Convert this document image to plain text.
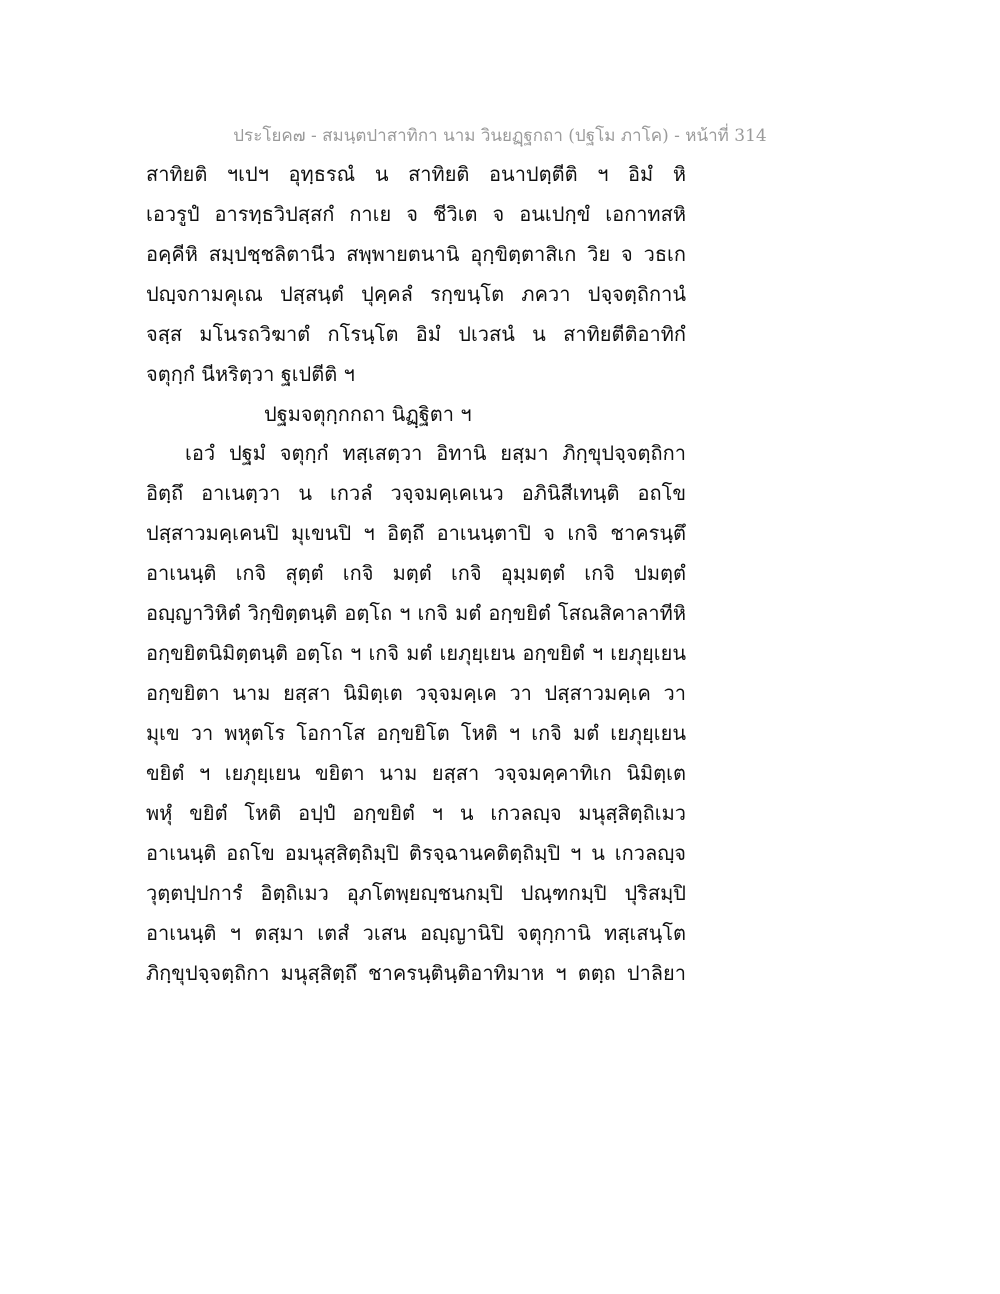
ประโยค๗ - สมนฺตปาสาทิกา นาม วินยฏฺฐกถา (ปฐโม ภาโค) - หน้าที่ 314
สาทิยติ ฯเปฯ อุทฺธรณํ น สาทิยติ อนาปตฺตีติ ฯ อิมํ หิ
เอวรูปํ อารทฺธวิปสฺสกํ กาเย จ ชีวิเต จ อนเปกฺขํ เอกาทสหิ
อคฺคีหิ สมฺปชฺชลิตานีว สพฺพายตนานิ อุกฺขิตฺตาสิเก วิย จ วธเก
ปญฺจกามคุเณ ปสฺสนฺตํ ปุคฺคลํ รกฺขนฺโต ภควา ปจฺจตฺถิกานํ
จสฺส มโนรถวิฆาตํ กโรนฺโต อิมํ ปเวสนํ น สาทิยตีติอาทิกํ
จตุกฺกํ นีหริตฺวา ฐเปตีติ ฯ
ปฐมจตุกฺกกถา นิฏฺฐิตา ฯ
เอวํ ปฐมํ จตุกฺกํ ทสฺเสตฺวา อิทานิ ยสฺมา ภิกฺขุปจฺจตฺถิกา
อิตฺถึ อาเนตฺวา น เกวลํ วจฺจมคฺเคเนว อภินิสีเทนฺติ อถโข
ปสฺสาวมคฺเคนปิ มุเขนปิ ฯ อิตฺถึ อาเนนฺตาปิ จ เกจิ ชาครนฺตึ
อาเนนฺติ เกจิ สุตฺตํ เกจิ มตฺตํ เกจิ อุมฺมตฺตํ เกจิ ปมตฺตํ
อญฺญาวิหิตํ วิกฺขิตฺตนฺติ อตฺโถ ฯ เกจิ มตํ อกฺขยิตํ โสณสิคาลาทีหิ
อกฺขยิตนิมิตฺตนฺติ อตฺโถ ฯ เกจิ มตํ เยภุยฺเยน อกฺขยิตํ ฯ เยภุยฺเยน
อกฺขยิตา นาม ยสฺสา นิมิตฺเต วจฺจมคฺเค วา ปสฺสาวมคฺเค วา
มุเข วา พหุตโร โอกาโส อกฺขยิโต โหติ ฯ เกจิ มตํ เยภุยฺเยน
ขยิตํ ฯ เยภุยฺเยน ขยิตา นาม ยสฺสา วจฺจมคฺคาทิเก นิมิตฺเต
พหุํ ขยิตํ โหติ อปฺปํ อกฺขยิตํ ฯ น เกวลญฺจ มนุสฺสิตฺถิเมว
อาเนนฺติ อถโข อมนุสฺสิตฺถิมฺปิ ติรจฺฉานคติตฺถิมฺปิ ฯ น เกวลญฺจ
วุตฺตปฺปการํ อิตฺถิเมว อุภโตพฺยญฺชนกมฺปิ ปณฺฑกมฺปิ ปุริสมฺปิ
อาเนนฺติ ฯ ตสฺมา เตสํ วเสน อญฺญานิปิ จตุกฺกานิ ทสฺเสนฺโต
ภิกฺขุปจฺจตฺถิกา มนุสฺสิตฺถึ ชาครนฺตินฺติอาทิมาห ฯ ตตฺถ ปาลิยา
